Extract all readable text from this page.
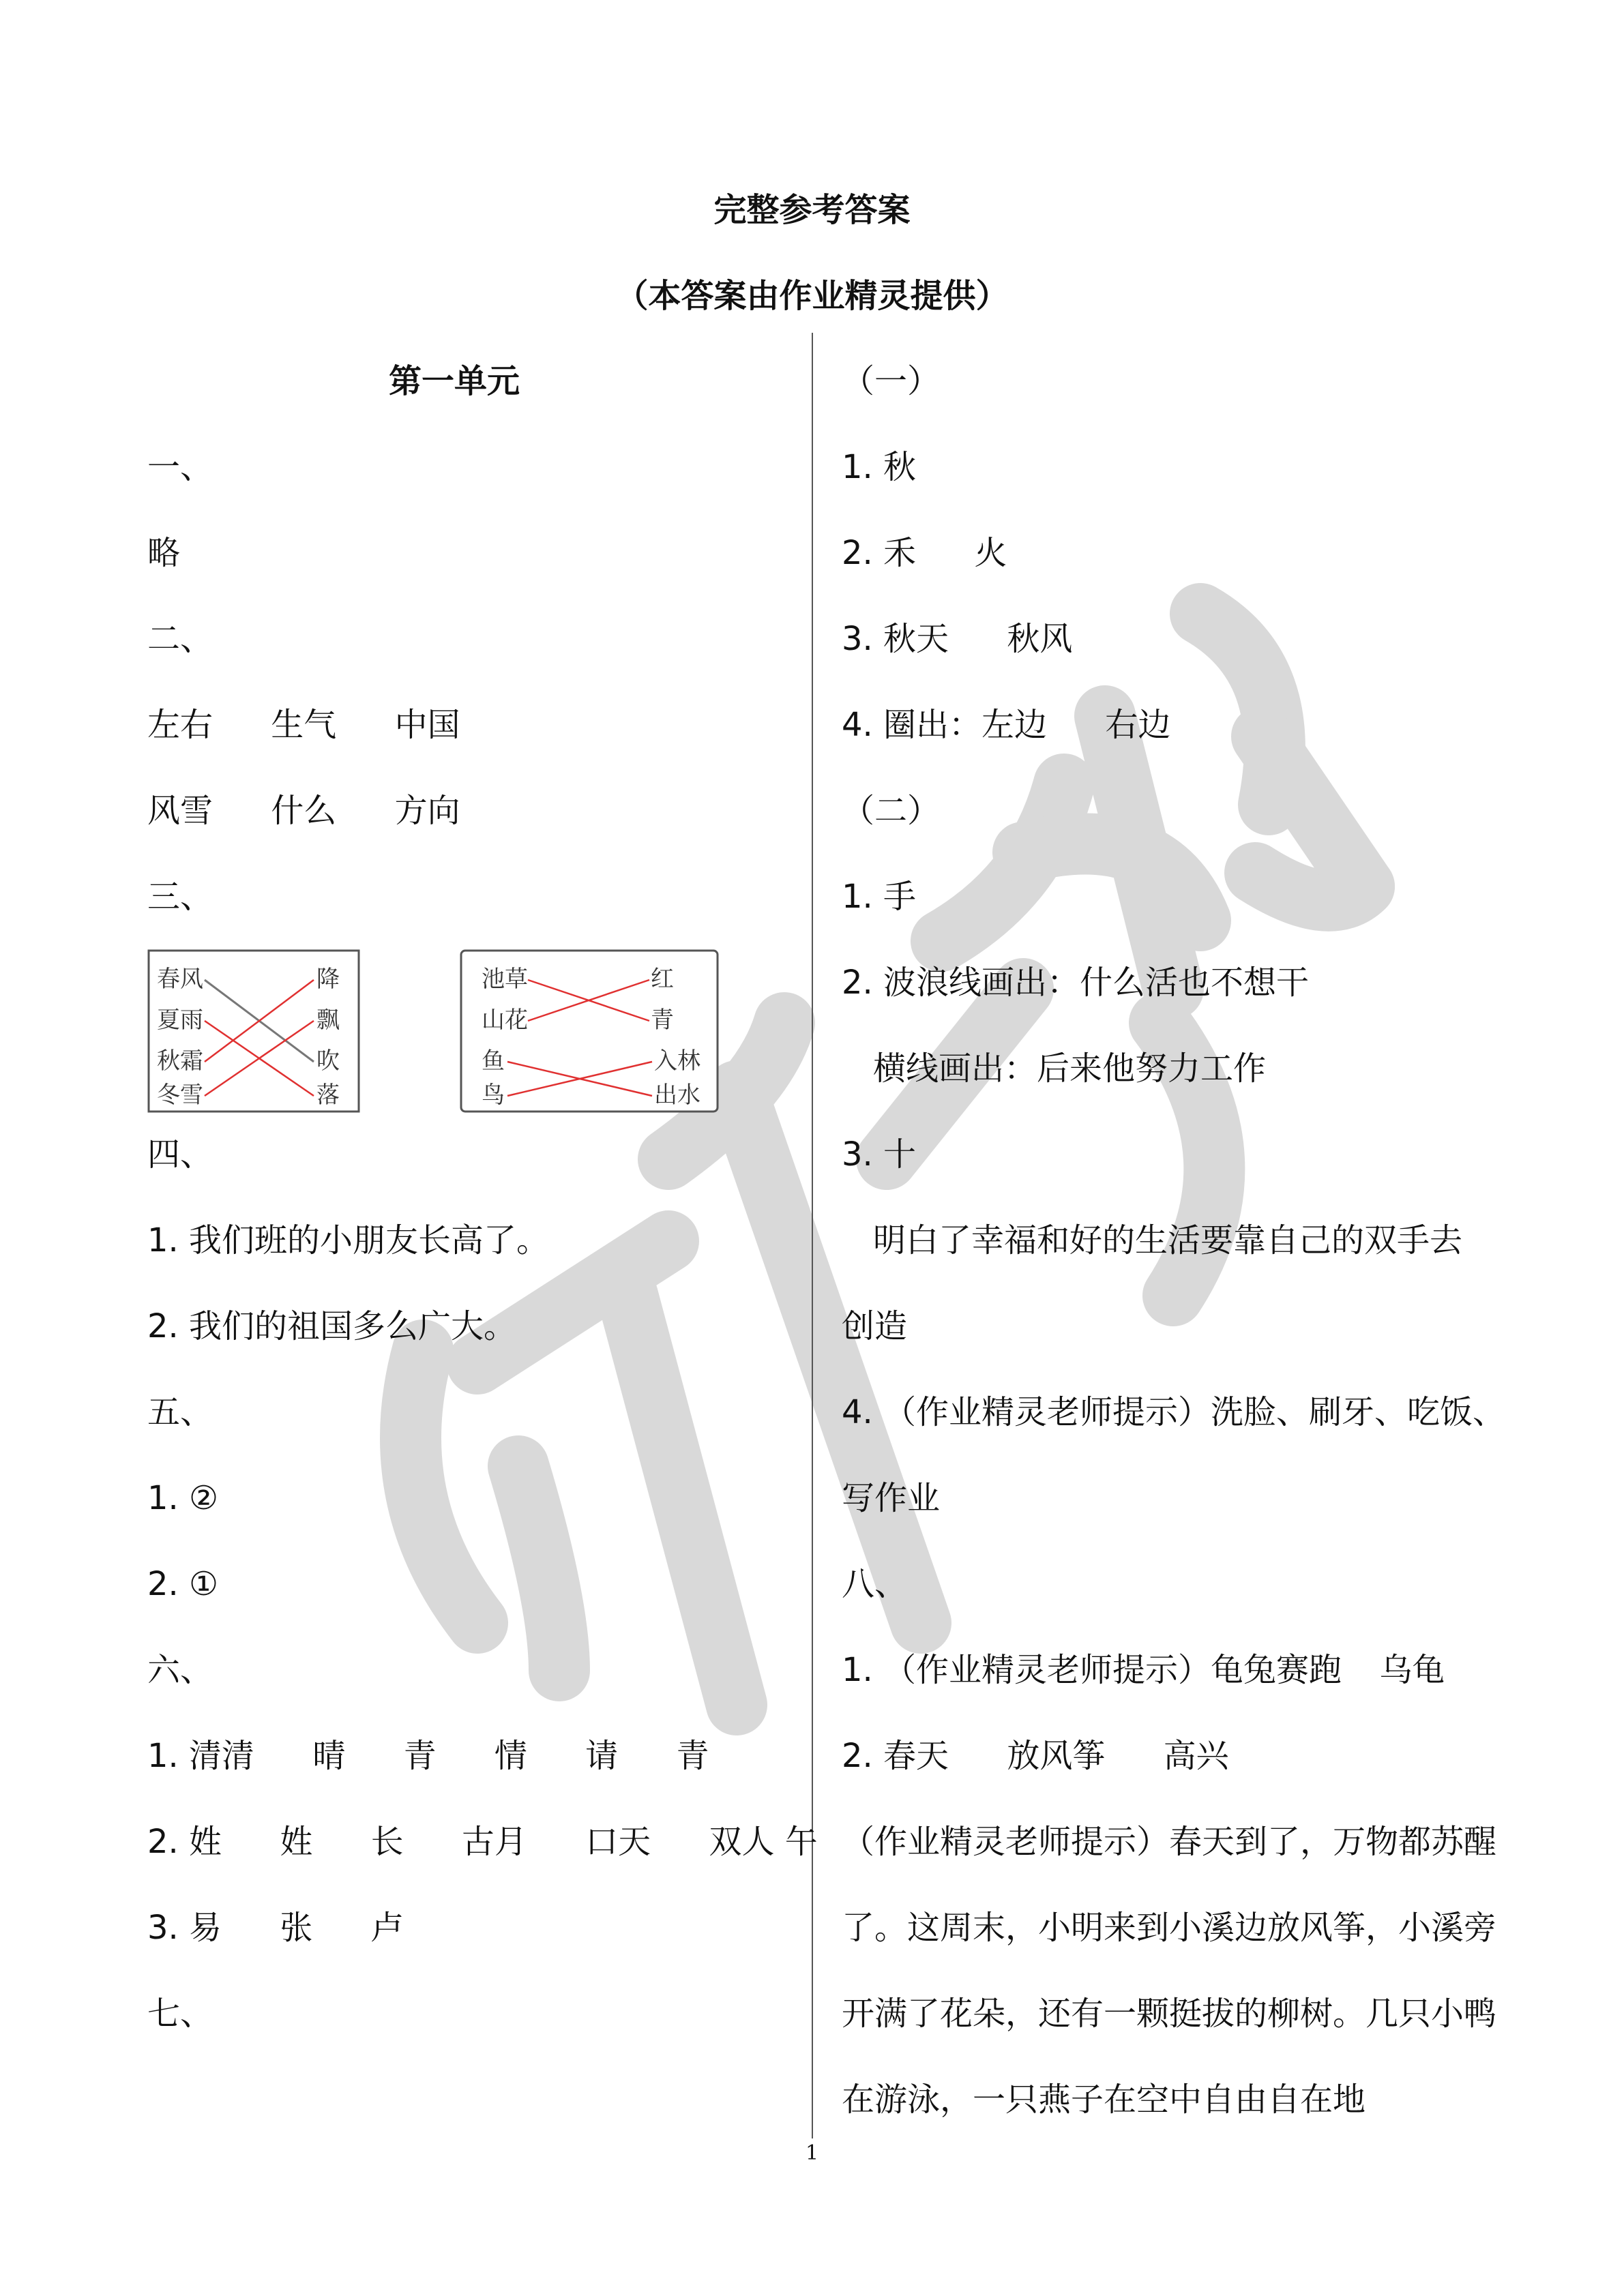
完整参考答案
（本答案由作业精灵提供）
第一单元
一、
略
二、
左右 生气 中国
风雪 什么 方向
三、
春风
夏雨
秋霜
冬雪
降
飘
吹
落
池草
山花
鱼
鸟
红
青
入林
出水
四、
1. 我们班的小朋友长高了。
2. 我们的祖国多么广大。
五、
1. ②
2. ①
六、
1. 清清 晴 青 情 请 青
2. 姓 姓 长 古月 口天 双人 午
3. 易 张 卢
七、
（一）
1. 秋
2. 禾 火
3. 秋天 秋风
4. 圈出：左边 右边
（二）
1. 手
2. 波浪线画出：什么活也不想干
横线画出：后来他努力工作
3. 十
明白了幸福和好的生活要靠自己的双手去
创造
4. （作业精灵老师提示）洗脸、刷牙、吃饭、
写作业
八、
1. （作业精灵老师提示）龟兔赛跑 乌龟
2. 春天 放风筝 高兴
（作业精灵老师提示）春天到了，万物都苏醒了。这周末，小明来到小溪边放风筝，小溪旁开满了花朵，还有一颗挺拔的柳树。几只小鸭在游泳，一只燕子在空中自由自在地
1
